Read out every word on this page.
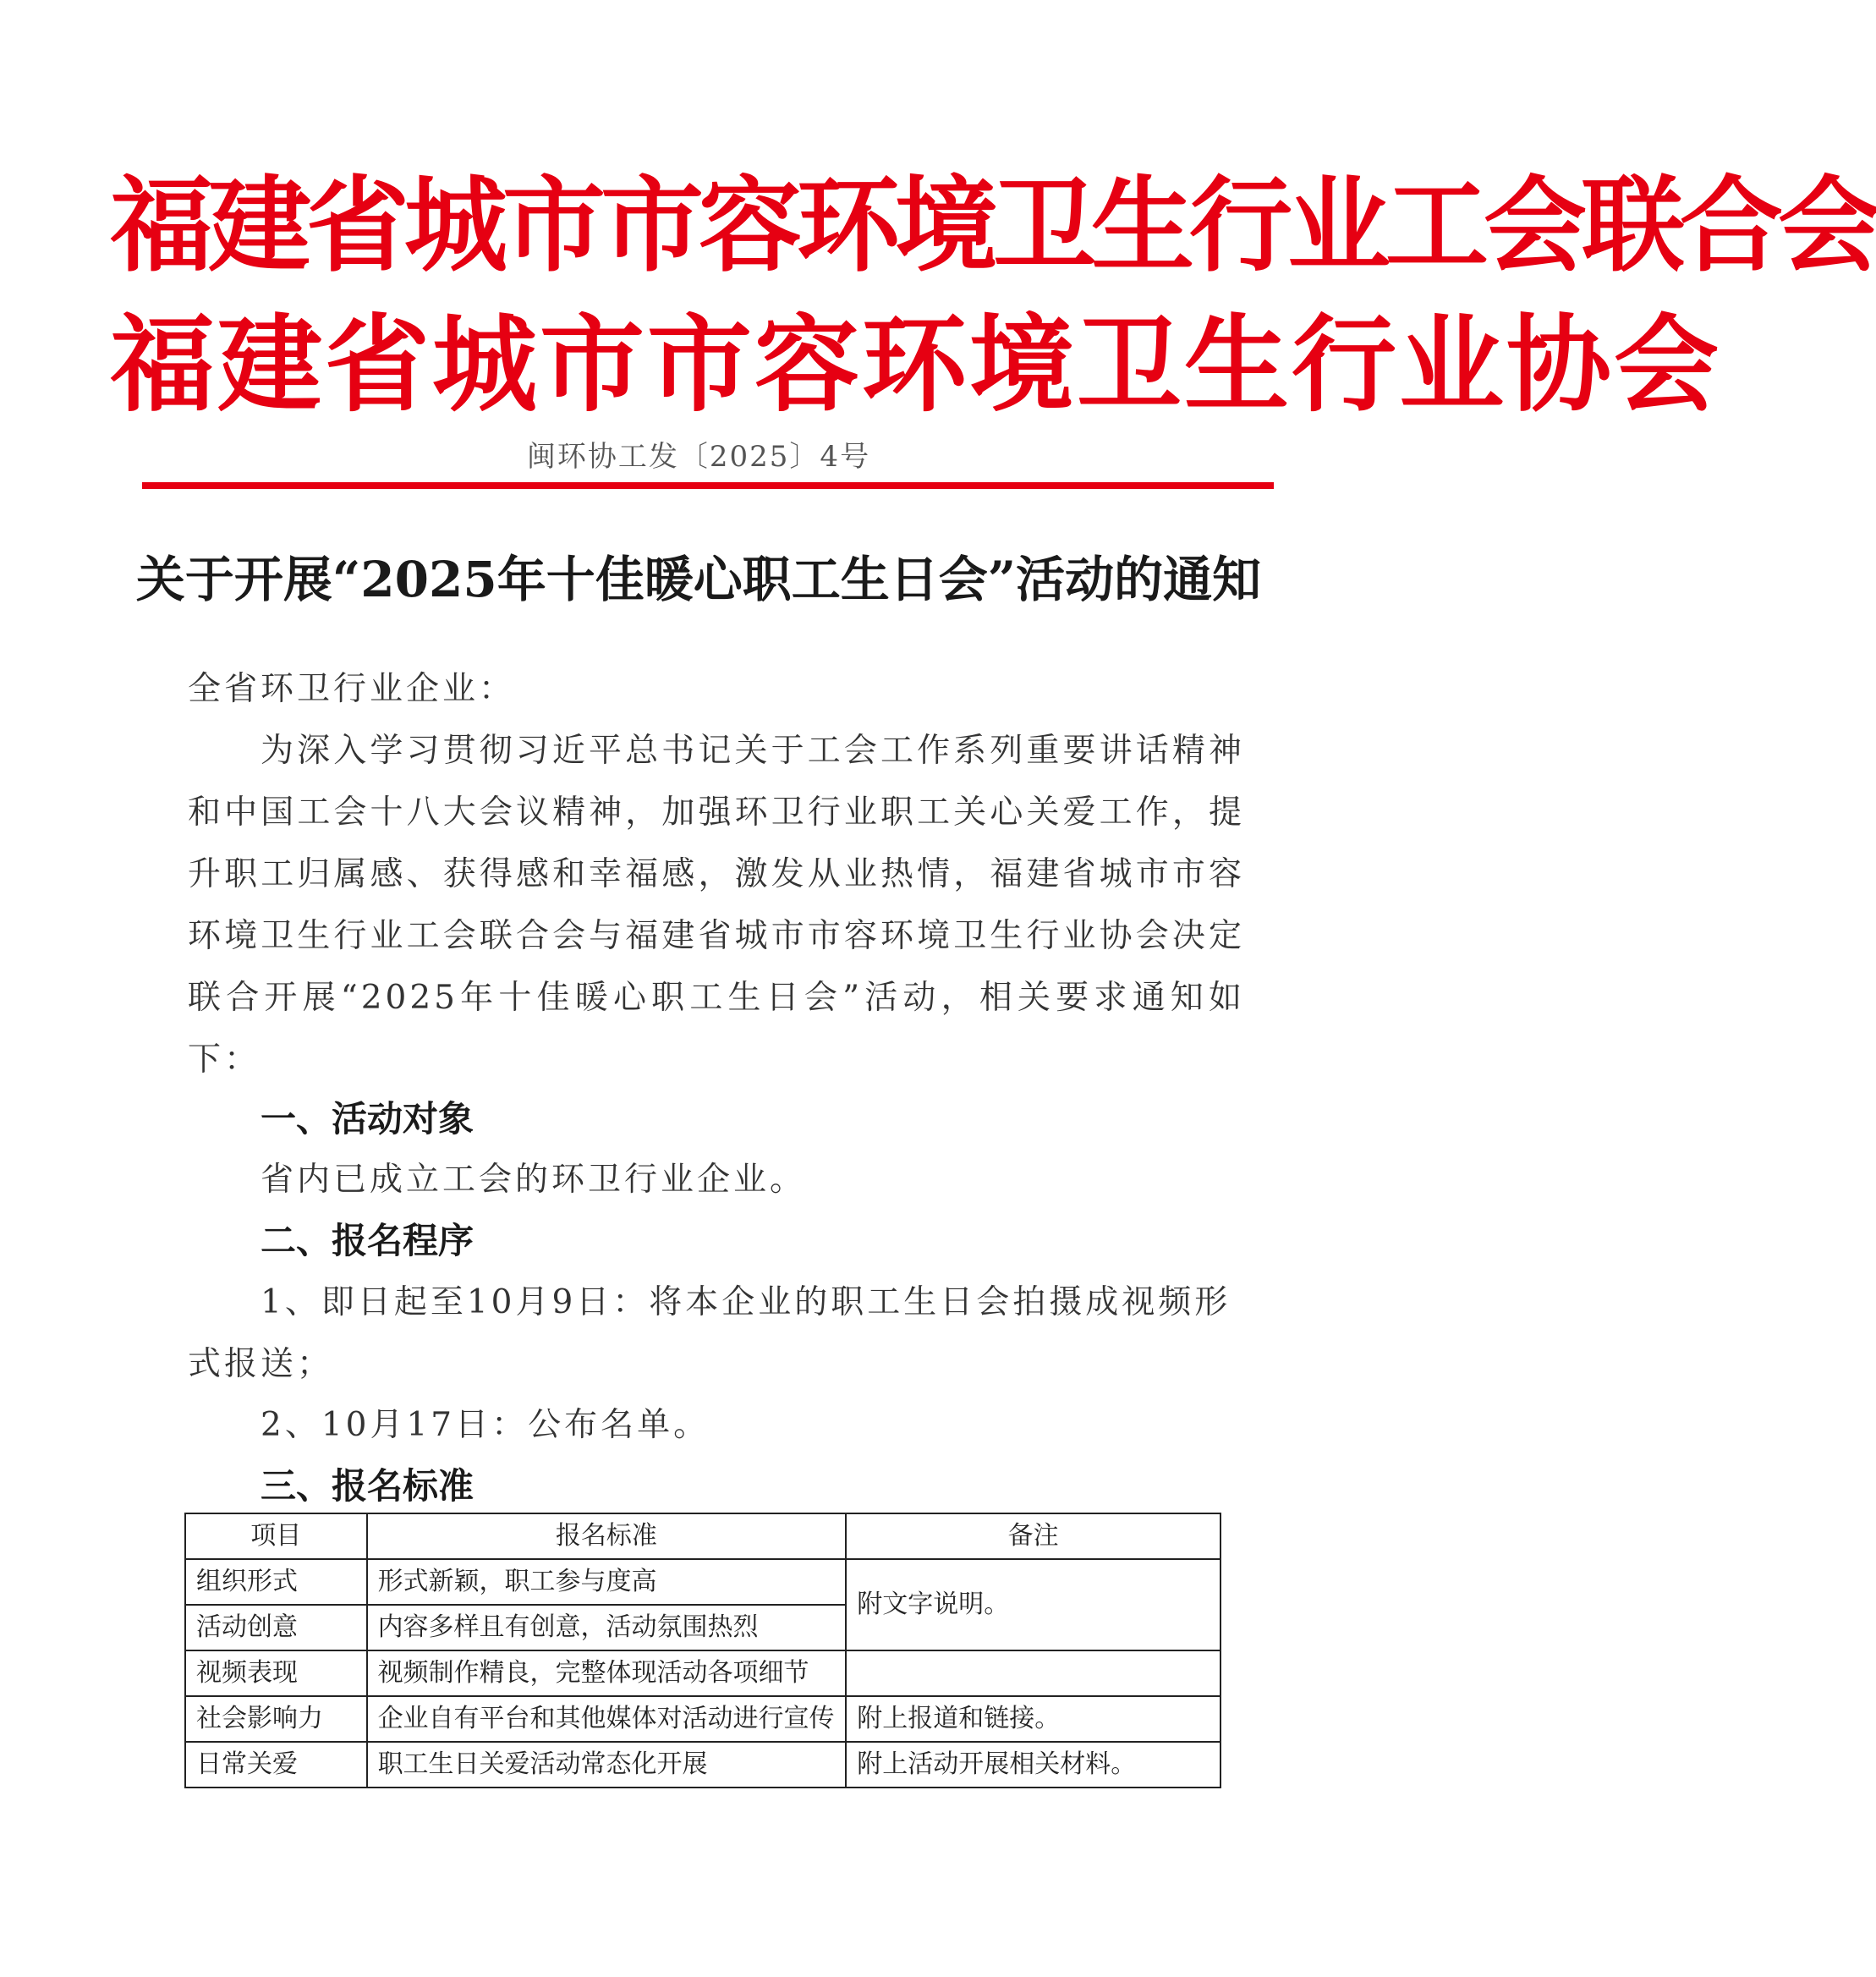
福建省城市市容环境卫生行业工会联合会
福建省城市市容环境卫生行业协会
闽环协工发〔2025〕4号
关于开展“2025年十佳暖心职工生日会”活动的通知
全省环卫行业企业：
为深入学习贯彻习近平总书记关于工会工作系列重要讲话精神和中国工会十八大会议精神，加强环卫行业职工关心关爱工作，提升职工归属感、获得感和幸福感，激发从业热情，福建省城市市容环境卫生行业工会联合会与福建省城市市容环境卫生行业协会决定联合开展“2025年十佳暖心职工生日会”活动，相关要求通知如下：
一、活动对象
省内已成立工会的环卫行业企业。
二、报名程序
1、即日起至10月9日：将本企业的职工生日会拍摄成视频形式报送；
2、10月17日：公布名单。
三、报名标准
项目	报名标准	备注
组织形式	形式新颖，职工参与度高	附文字说明。
活动创意	内容多样且有创意，活动氛围热烈	
视频表现	视频制作精良，完整体现活动各项细节	
社会影响力	企业自有平台和其他媒体对活动进行宣传	附上报道和链接。
日常关爱	职工生日关爱活动常态化开展	附上活动开展相关材料。
